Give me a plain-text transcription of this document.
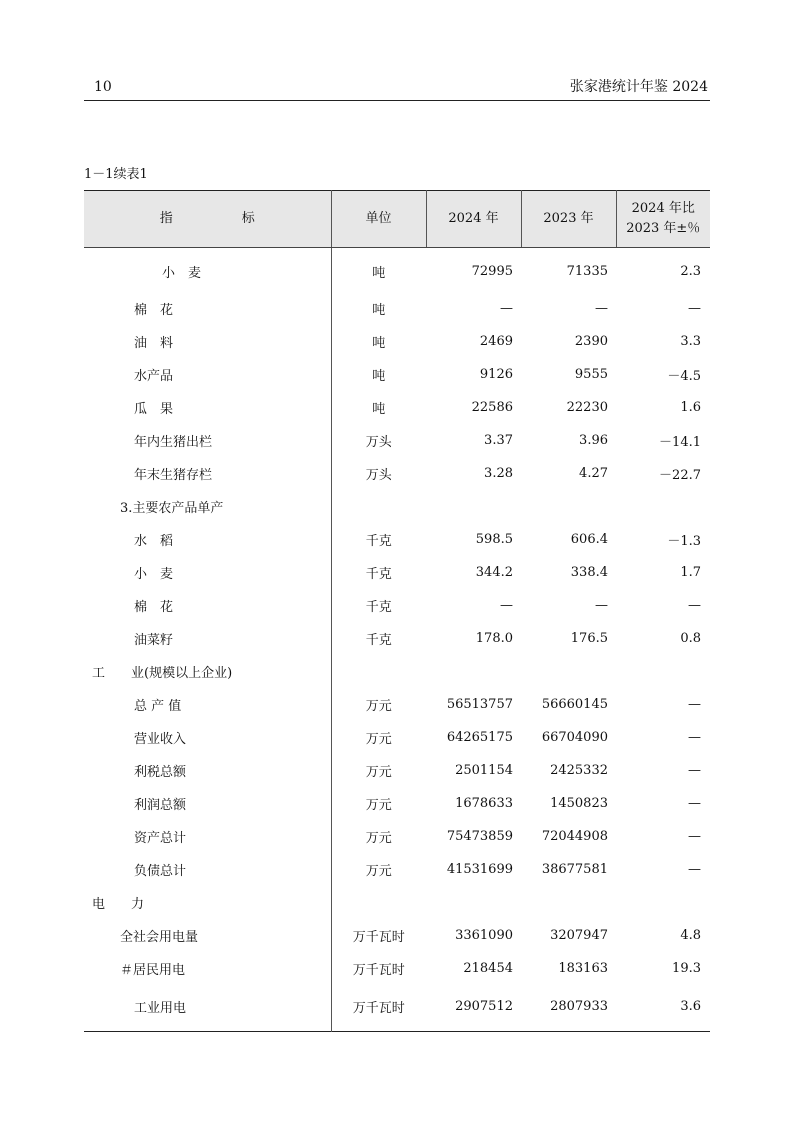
10	张家港统计年鉴 2024
1－1续表1
指　标	单位	2024 年	2023 年	2024 年比
2023 年±％
小　麦	吨	72995	71335	2.3
棉　花	吨	—	—	—
油　料	吨	2469	2390	3.3
水产品	吨	9126	9555	－4.5
瓜　果	吨	22586	22230	1.6
年内生猪出栏	万头	3.37	3.96	－14.1
年末生猪存栏	万头	3.28	4.27	－22.7
3.主要农产品单产				
水　稻	千克	598.5	606.4	－1.3
小　麦	千克	344.2	338.4	1.7
棉　花	千克	—	—	—
油菜籽	千克	178.0	176.5	0.8
工　　业(规模以上企业)				
总 产 值	万元	56513757	56660145	—
营业收入	万元	64265175	66704090	—
利税总额	万元	2501154	2425332	—
利润总额	万元	1678633	1450823	—
资产总计	万元	75473859	72044908	—
负债总计	万元	41531699	38677581	—
电　　力				
全社会用电量	万千瓦时	3361090	3207947	4.8
＃居民用电	万千瓦时	218454	183163	19.3
工业用电	万千瓦时	2907512	2807933	3.6
